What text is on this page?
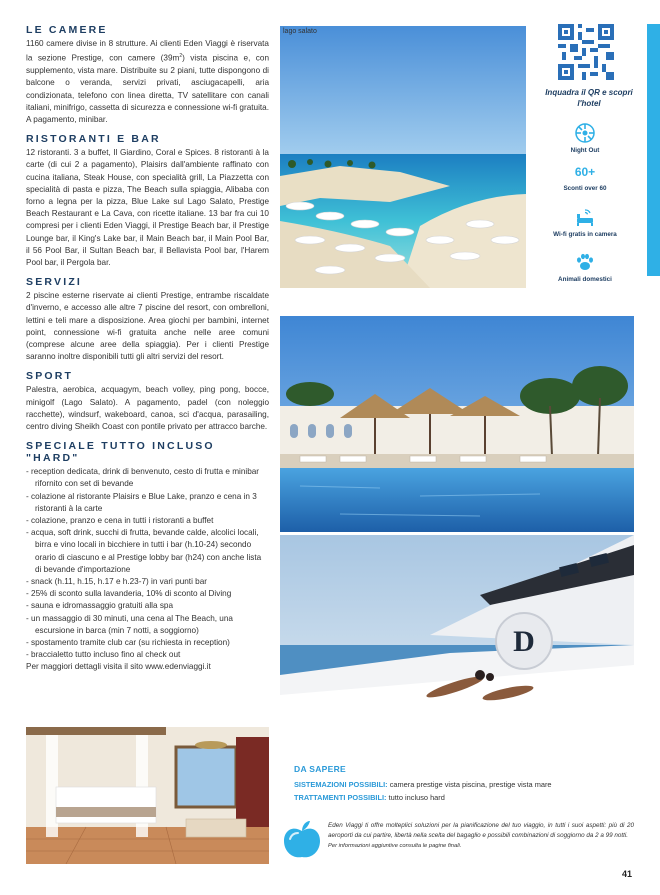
LE CAMERE
1160 camere divise in 8 strutture. Ai clienti Eden Viaggi è riservata la sezione Prestige, con camere $(39m^2)$ vista piscina e, con supplemento, vista mare. Distribuite su 2 piani, tutte dispongono di balcone o veranda, servizi privati, asciugacapelli, aria condizionata, telefono con linea diretta, TV satellitare con canali italiani, minifrigo, cassetta di sicurezza e connessione wi-fi gratuita. A pagamento, minibar.
RISTORANTI E BAR
12 ristoranti. 3 a buffet, Il Giardino, Coral e Spices. 8 ristoranti à la carte (di cui 2 a pagamento), Plaisirs dall'ambiente raffinato con cucina italiana, Steak House, con specialità grill, La Piazzetta con specialità di pasta e pizza, The Beach sulla spiaggia, Alibaba con forno a legna per la pizza, Blue Lake sul Lago Salato, Prestige Beach Restaurant e La Cava, con ricette italiane. 13 bar fra cui 10 compresi per i clienti Eden Viaggi, il Prestige Beach bar, il Prestige Lounge bar, il King's Lake bar, il Main Beach bar, il Main Pool Bar, il 56 Pool Bar, il Sultan Beach bar, il Bellavista Pool bar, l'Harem Pool bar, il Pergola bar.
SERVIZI
2 piscine esterne riservate ai clienti Prestige, entrambe riscaldate d'inverno, e accesso alle altre 7 piscine del resort, con ombrelloni, lettini e teli mare a disposizione. Area giochi per bambini, internet point, connessione wi-fi gratuita anche nelle aree comuni (comprese alcune aree della spiaggia). Per i clienti Prestige saranno inoltre disponibili tutti gli altri servizi del resort.
SPORT
Palestra, aerobica, acquagym, beach volley, ping pong, bocce, minigolf (Lago Salato). A pagamento, padel (con noleggio racchette), windsurf, wakeboard, canoa, sci d'acqua, parasailing, centro diving Sheikh Coast con pontile privato per attracco barche.
SPECIALE TUTTO INCLUSO "HARD"
- reception dedicata, drink di benvenuto, cesto di frutta e minibar rifornito con set di bevande
- colazione al ristorante Plaisirs e Blue Lake, pranzo e cena in 3 ristoranti à la carte
- colazione, pranzo e cena in tutti i ristoranti a buffet
- acqua, soft drink, succhi di frutta, bevande calde, alcolici locali, birra e vino locali in bicchiere in tutti i bar (h.10-24) secondo orario di ciascuno e al Prestige lobby bar (h24) con anche lista di bevande d'importazione
- snack (h.11, h.15, h.17 e h.23-7) in vari punti bar
- 25% di sconto sulla lavanderia, 10% di sconto al Diving
- sauna e idromassaggio gratuiti alla spa
- un massaggio di 30 minuti, una cena al The Beach, una escursione in barca (min 7 notti, a soggiorno)
- spostamento tramite club car (su richiesta in reception)
- braccialetto tutto incluso fino al check out
Per maggiori dettagli visita il sito www.edenviaggi.it
lago salato
Inquadra il QR e scopri l'hotel
Night Out
60+
Sconti over 60
Wi-fi gratis in camera
Animali domestici
D
DA SAPERE
SISTEMAZIONI POSSIBILI: camera prestige vista piscina, prestige vista mare
TRATTAMENTI POSSIBILI: tutto incluso hard
Eden Viaggi ti offre molteplici soluzioni per la pianificazione del tuo viaggio, in tutti i suoi aspetti: più di 20 aeroporti da cui partire, libertà nella scelta del bagaglio e possibili combinazioni di soggiorno da 2 a 99 notti.
Per informazioni aggiuntive consulta le pagine finali.
41
